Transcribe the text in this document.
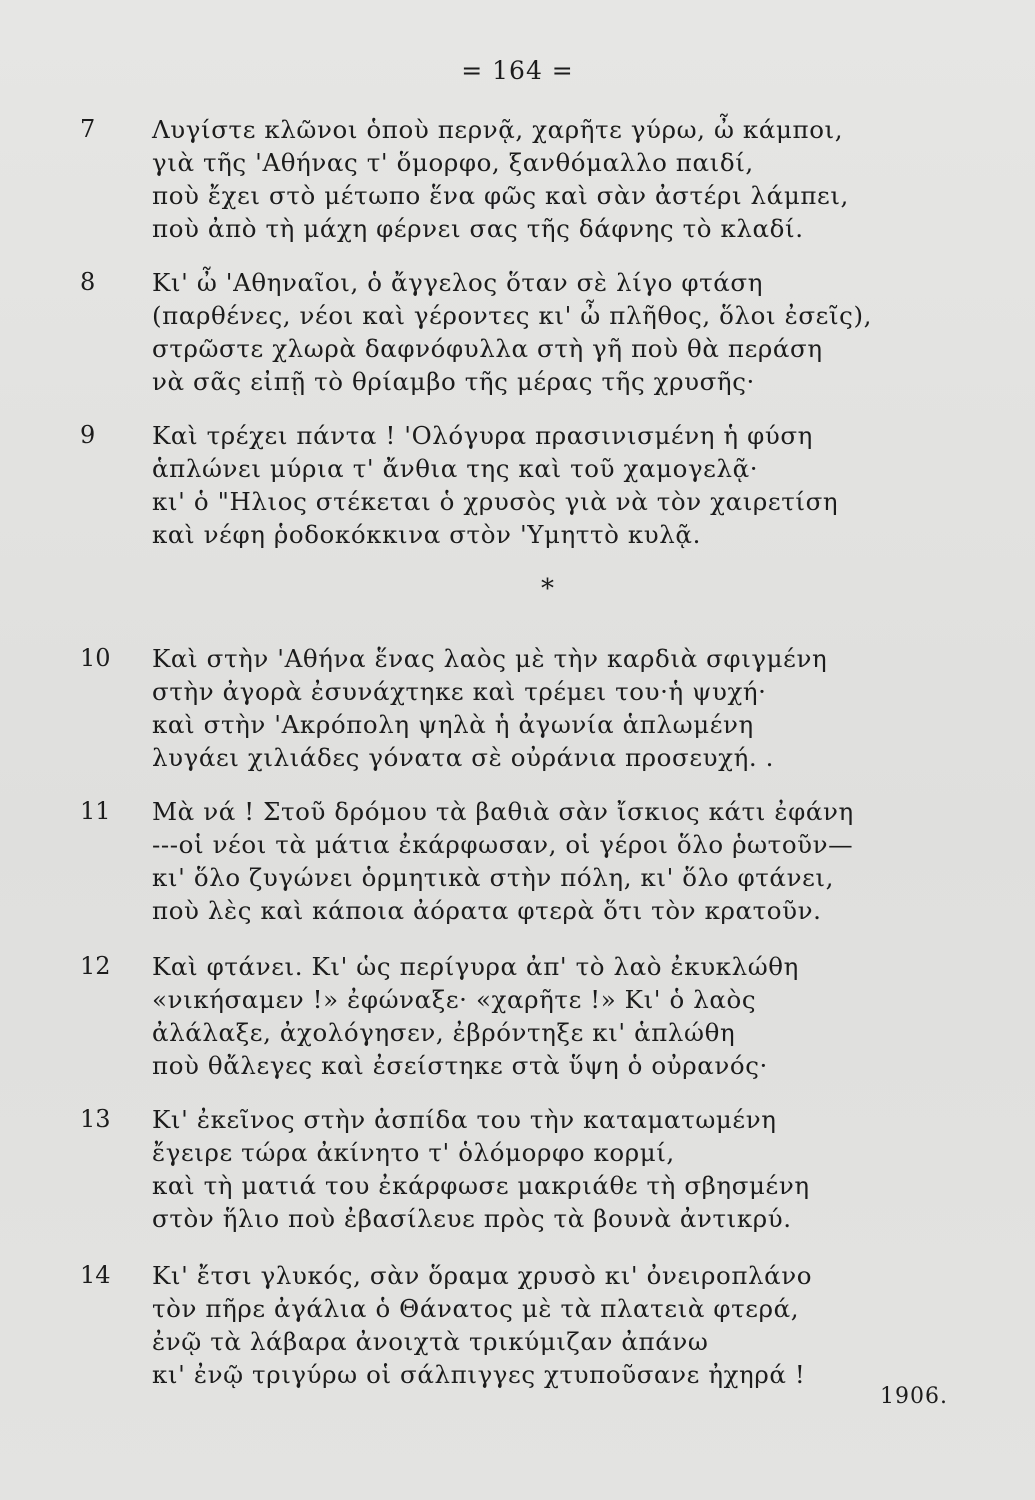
= 164 =
7	Λυγίστε κλῶνοι ὁποὺ περνᾷ, χαρῆτε γύρω, ὦ κάμποι,
γιὰ τῆς 'Αθήνας τ' ὅμορφο, ξανθόμαλλο παιδί,
ποὺ ἔχει στὸ μέτωπο ἕνα φῶς καὶ σὰν ἀστέρι λάμπει,
ποὺ ἀπὸ τὴ μάχη φέρνει σας τῆς δάφνης τὸ κλαδί.
8	Κι' ὦ 'Αθηναῖοι, ὁ ἄγγελος ὅταν σὲ λίγο φτάση
(παρθένες, νέοι καὶ γέροντες κι' ὦ πλῆθος, ὅλοι ἐσεῖς),
στρῶστε χλωρὰ δαφνόφυλλα στὴ γῆ ποὺ θὰ περάση
νὰ σᾶς εἰπῇ τὸ θρίαμβο τῆς μέρας τῆς χρυσῆς·
9	Καὶ τρέχει πάντα ! 'Ολόγυρα πρασινισμένη ἡ φύση
ἁπλώνει μύρια τ' ἄνθια της καὶ τοῦ χαμογελᾷ·
κι' ὁ "Ηλιος στέκεται ὁ χρυσὸς γιὰ νὰ τὸν χαιρετίση
καὶ νέφη ῥοδοκόκκινα στὸν 'Υμηττὸ κυλᾷ.
*
10	Καὶ στὴν 'Αθήνα ἕνας λαὸς μὲ τὴν καρδιὰ σφιγμένη
στὴν ἀγορὰ ἐσυνάχτηκε καὶ τρέμει του·ἡ ψυχή·
καὶ στὴν 'Ακρόπολη ψηλὰ ἡ ἀγωνία ἁπλωμένη
λυγάει χιλιάδες γόνατα σὲ οὐράνια προσευχή. .
11	Μὰ νά ! Στοῦ δρόμου τὰ βαθιὰ σὰν ἴσκιος κάτι ἐφάνη
---οἱ νέοι τὰ μάτια ἐκάρφωσαν, οἱ γέροι ὅλο ῥωτοῦν—
κι' ὅλο ζυγώνει ὁρμητικὰ στὴν πόλη, κι' ὅλο φτάνει,
ποὺ λὲς καὶ κάποια ἀόρατα φτερὰ ὅτι τὸν κρατοῦν.
12	Καὶ φτάνει. Κι' ὡς περίγυρα ἀπ' τὸ λαὸ ἐκυκλώθη
«νικήσαμεν !» ἐφώναξε· «χαρῆτε !» Κι' ὁ λαὸς
ἀλάλαξε, ἀχολόγησεν, ἐβρόντηξε κι' ἁπλώθη
ποὺ θἄλεγες καὶ ἐσείστηκε στὰ ὕψη ὁ οὐρανός·
13	Κι' ἐκεῖνος στὴν ἀσπίδα του τὴν καταματωμένη
ἔγειρε τώρα ἀκίνητο τ' ὁλόμορφο κορμί,
καὶ τὴ ματιά του ἐκάρφωσε μακριάθε τὴ σβησμένη
στὸν ἥλιο ποὺ ἐβασίλευε πρὸς τὰ βουνὰ ἀντικρύ.
14	Κι' ἔτσι γλυκός, σὰν ὅραμα χρυσὸ κι' ὀνειροπλάνο
τὸν πῆρε ἀγάλια ὁ Θάνατος μὲ τὰ πλατειὰ φτερά,
ἐνῷ τὰ λάβαρα ἀνοιχτὰ τρικύμιζαν ἀπάνω
κι' ἐνῷ τριγύρω οἱ σάλπιγγες χτυποῦσανε ἠχηρά !
1906.
